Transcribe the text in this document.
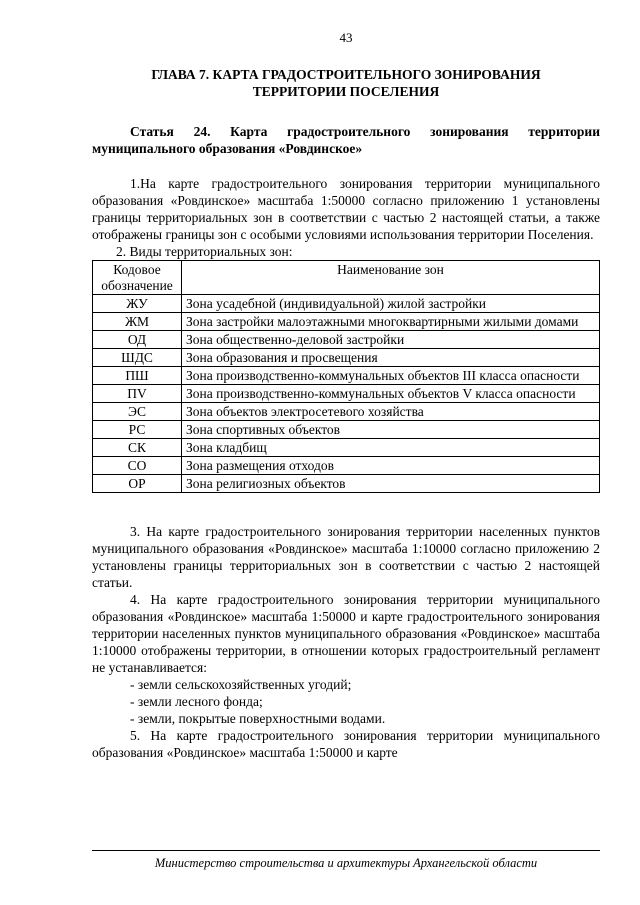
43
ГЛАВА 7. КАРТА ГРАДОСТРОИТЕЛЬНОГО ЗОНИРОВАНИЯ
ТЕРРИТОРИИ ПОСЕЛЕНИЯ
Статья 24. Карта градостроительного зонирования территории муниципального образования «Ровдинское»

1.На карте градостроительного зонирования территории муниципального образования «Ровдинское» масштаба 1:50000 согласно приложению 1 установлены границы территориальных зон в соответствии с частью 2 настоящей статьи, а также отображены границы зон с особыми условиями использования территории Поселения.

2. Виды территориальных зон:

Кодовое обозначение	Наименование зон
ЖУ	Зона усадебной (индивидуальной) жилой застройки
ЖМ	Зона застройки малоэтажными многоквартирными жилыми домами
ОД	Зона общественно-деловой застройки
ШДС	Зона образования и просвещения
ПШ	Зона производственно-коммунальных объектов III класса опасности
ПV	Зона производственно-коммунальных объектов V класса опасности
ЭС	Зона объектов электросетевого хозяйства
РС	Зона спортивных объектов
СК	Зона кладбищ
СО	Зона размещения отходов
ОР	Зона религиозных объектов

3. На карте градостроительного зонирования территории населенных пунктов муниципального образования «Ровдинское» масштаба 1:10000 согласно приложению 2 установлены границы территориальных зон в соответствии с частью 2 настоящей статьи.

4. На карте градостроительного зонирования территории муниципального образования «Ровдинское» масштаба 1:50000 и карте градостроительного зонирования территории населенных пунктов муниципального образования «Ровдинское» масштаба 1:10000 отображены территории, в отношении которых градостроительный регламент не устанавливается:

- земли сельскохозяйственных угодий;
- земли лесного фонда;
- земли, покрытые поверхностными водами.

5. На карте градостроительного зонирования территории муниципального образования «Ровдинское» масштаба 1:50000 и карте

Министерство строительства и архитектуры Архангельской области
